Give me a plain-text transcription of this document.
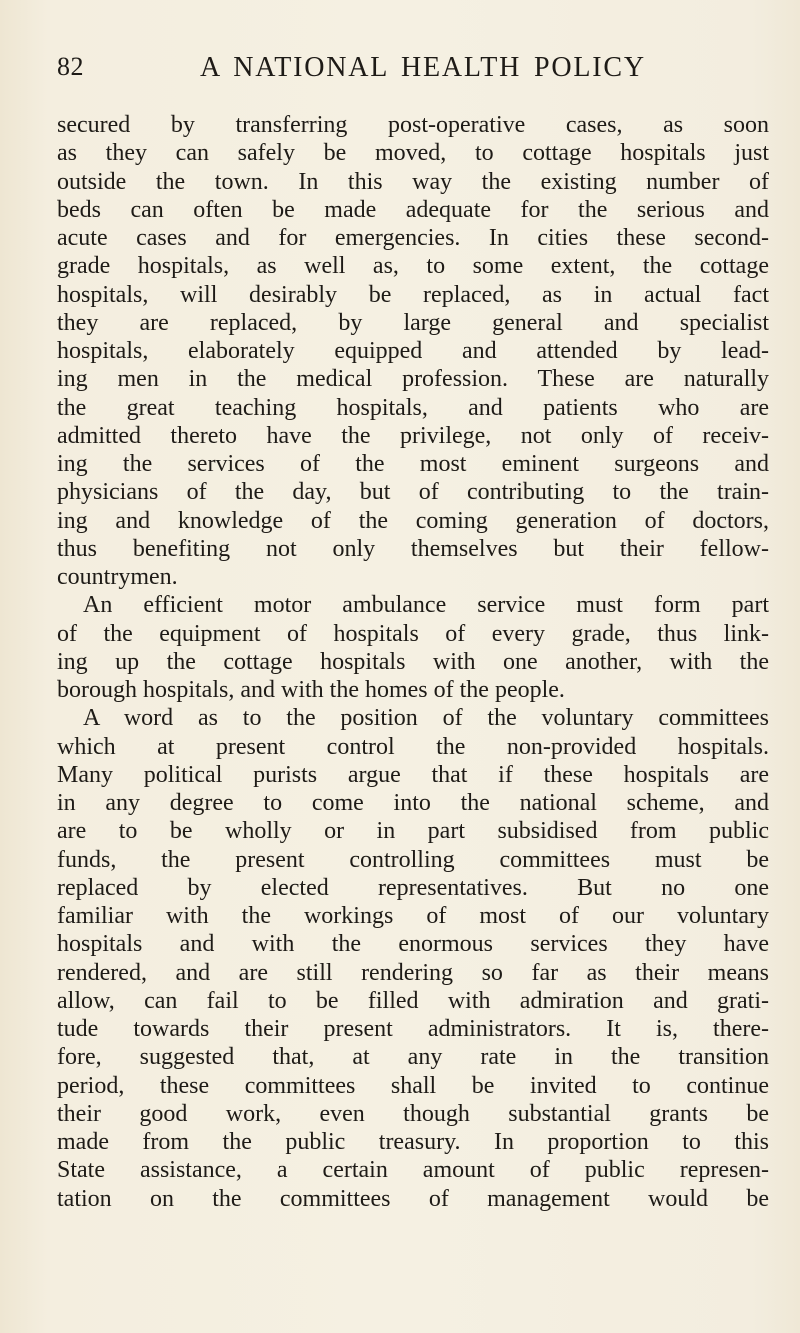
82	A NATIONAL HEALTH POLICY
secured by transferring post-operative cases, as soon
as they can safely be moved, to cottage hospitals just
outside the town. In this way the existing number of
beds can often be made adequate for the serious and
acute cases and for emergencies. In cities these second-
grade hospitals, as well as, to some extent, the cottage
hospitals, will desirably be replaced, as in actual fact
they are replaced, by large general and specialist
hospitals, elaborately equipped and attended by lead-
ing men in the medical profession. These are naturally
the great teaching hospitals, and patients who are
admitted thereto have the privilege, not only of receiv-
ing the services of the most eminent surgeons and
physicians of the day, but of contributing to the train-
ing and knowledge of the coming generation of doctors,
thus benefiting not only themselves but their fellow-
countrymen.
An efficient motor ambulance service must form part
of the equipment of hospitals of every grade, thus link-
ing up the cottage hospitals with one another, with the
borough hospitals, and with the homes of the people.
A word as to the position of the voluntary committees
which at present control the non-provided hospitals.
Many political purists argue that if these hospitals are
in any degree to come into the national scheme, and
are to be wholly or in part subsidised from public
funds, the present controlling committees must be
replaced by elected representatives. But no one
familiar with the workings of most of our voluntary
hospitals and with the enormous services they have
rendered, and are still rendering so far as their means
allow, can fail to be filled with admiration and grati-
tude towards their present administrators. It is, there-
fore, suggested that, at any rate in the transition
period, these committees shall be invited to continue
their good work, even though substantial grants be
made from the public treasury. In proportion to this
State assistance, a certain amount of public represen-
tation on the committees of management would be
